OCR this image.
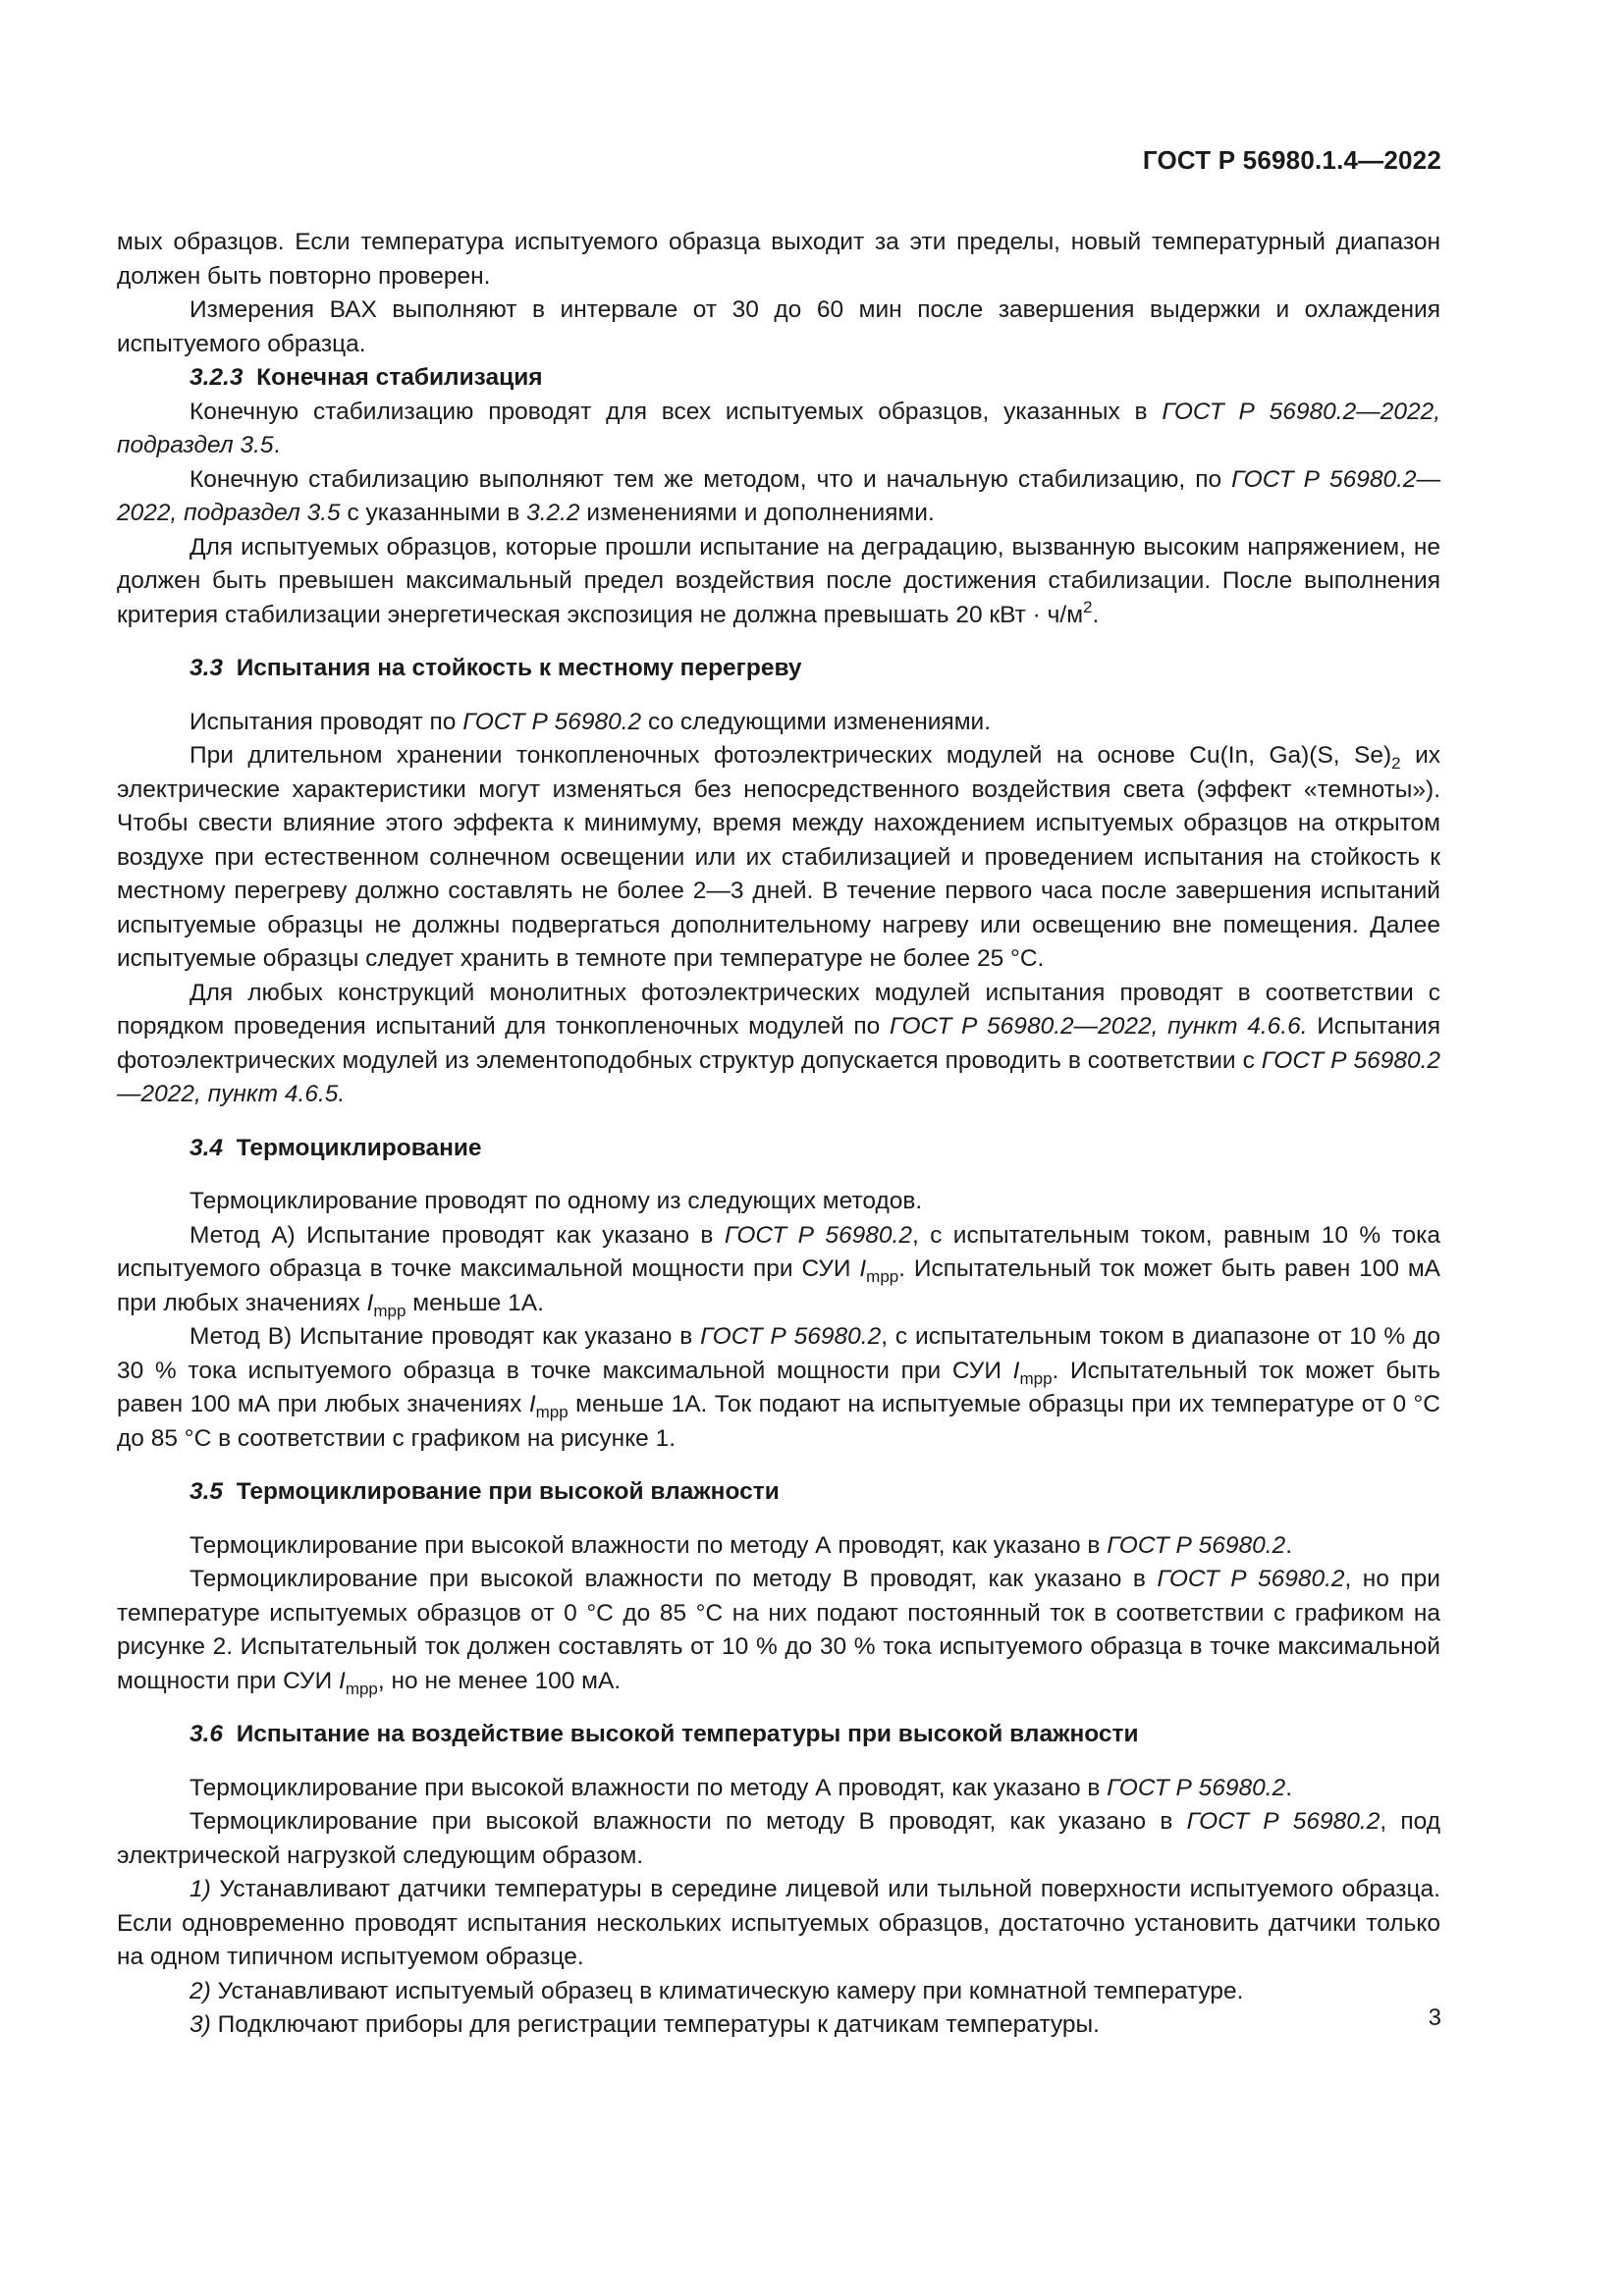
ГОСТ Р 56980.1.4—2022

мых образцов. Если температура испытуемого образца выходит за эти пределы, новый температурный диапазон должен быть повторно проверен.

Измерения ВАХ выполняют в интервале от 30 до 60 мин после завершения выдержки и охлаждения испытуемого образца.

3.2.3 Конечная стабилизация

Конечную стабилизацию проводят для всех испытуемых образцов, указанных в ГОСТ Р 56980.2—2022, подраздел 3.5.

Конечную стабилизацию выполняют тем же методом, что и начальную стабилизацию, по ГОСТ Р 56980.2—2022, подраздел 3.5 с указанными в 3.2.2 изменениями и дополнениями.

Для испытуемых образцов, которые прошли испытание на деградацию, вызванную высоким напряжением, не должен быть превышен максимальный предел воздействия после достижения стабилизации. После выполнения критерия стабилизации энергетическая экспозиция не должна превышать 20 кВт · $ч/м^2$.

3.3 Испытания на стойкость к местному перегреву

Испытания проводят по ГОСТ Р 56980.2 со следующими изменениями.

При длительном хранении тонкопленочных фотоэлектрических модулей на основе Cu(In, Ga)(S, $Se)_2$ их электрические характеристики могут изменяться без непосредственного воздействия света (эффект «темноты»). Чтобы свести влияние этого эффекта к минимуму, время между нахождением испытуемых образцов на открытом воздухе при естественном солнечном освещении или их стабилизацией и проведением испытания на стойкость к местному перегреву должно составлять не более 2—3 дней. В течение первого часа после завершения испытаний испытуемые образцы не должны подвергаться дополнительному нагреву или освещению вне помещения. Далее испытуемые образцы следует хранить в темноте при температуре не более 25 °С.

Для любых конструкций монолитных фотоэлектрических модулей испытания проводят в соответствии с порядком проведения испытаний для тонкопленочных модулей по ГОСТ Р 56980.2—2022, пункт 4.6.6. Испытания фотоэлектрических модулей из элементоподобных структур допускается проводить в соответствии с ГОСТ Р 56980.2—2022, пункт 4.6.5.

3.4 Термоциклирование

Термоциклирование проводят по одному из следующих методов.

Метод А) Испытание проводят как указано в ГОСТ Р 56980.2, с испытательным током, равным 10 % тока испытуемого образца в точке максимальной мощности при СУИ $I_{mpp}$. Испытательный ток может быть равен 100 мА при любых значениях $I_{mpp}$ меньше 1А.

Метод В) Испытание проводят как указано в ГОСТ Р 56980.2, с испытательным током в диапазоне от 10 % до 30 % тока испытуемого образца в точке максимальной мощности при СУИ $I_{mpp}$. Испытательный ток может быть равен 100 мА при любых значениях $I_{mpp}$ меньше 1А. Ток подают на испытуемые образцы при их температуре от 0 °С до 85 °С в соответствии с графиком на рисунке 1.

3.5 Термоциклирование при высокой влажности

Термоциклирование при высокой влажности по методу А проводят, как указано в ГОСТ Р 56980.2.

Термоциклирование при высокой влажности по методу В проводят, как указано в ГОСТ Р 56980.2, но при температуре испытуемых образцов от 0 °С до 85 °С на них подают постоянный ток в соответствии с графиком на рисунке 2. Испытательный ток должен составлять от 10 % до 30 % тока испытуемого образца в точке максимальной мощности при СУИ $I_{mpp}$, но не менее 100 мА.

3.6 Испытание на воздействие высокой температуры при высокой влажности

Термоциклирование при высокой влажности по методу А проводят, как указано в ГОСТ Р 56980.2.

Термоциклирование при высокой влажности по методу В проводят, как указано в ГОСТ Р 56980.2, под электрической нагрузкой следующим образом.

1) Устанавливают датчики температуры в середине лицевой или тыльной поверхности испытуемого образца. Если одновременно проводят испытания нескольких испытуемых образцов, достаточно установить датчики только на одном типичном испытуемом образце.

2) Устанавливают испытуемый образец в климатическую камеру при комнатной температуре.

3) Подключают приборы для регистрации температуры к датчикам температуры.	3
